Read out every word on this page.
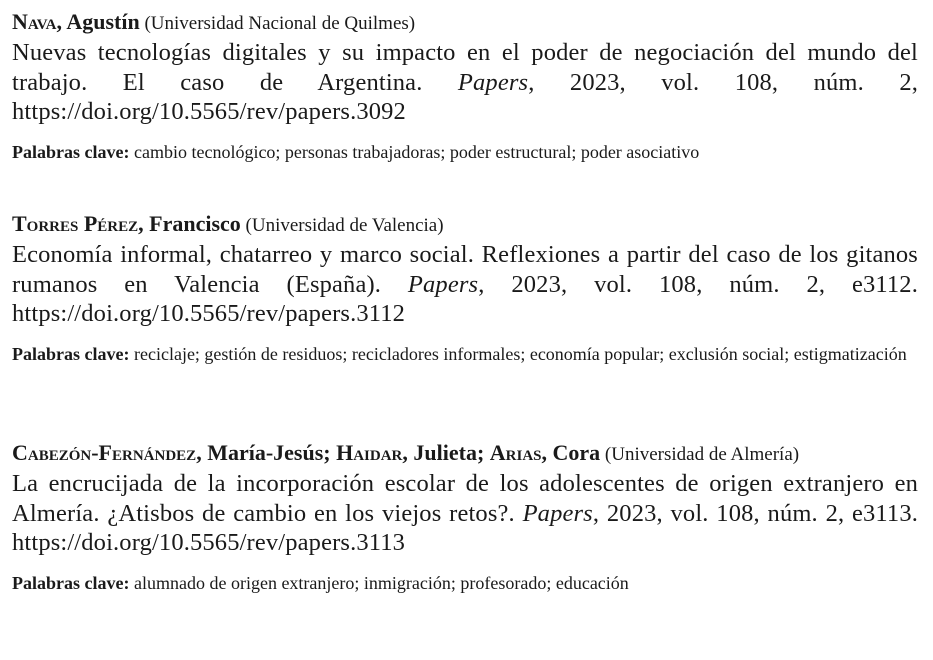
Nava, Agustín (Universidad Nacional de Quilmes)
Nuevas tecnologías digitales y su impacto en el poder de negociación del mundo del trabajo. El caso de Argentina. Papers, 2023, vol. 108, núm. 2, https://doi.org/10.5565/rev/papers.3092
Palabras clave: cambio tecnológico; personas trabajadoras; poder estructural; poder asociativo
Torres Pérez, Francisco (Universidad de Valencia)
Economía informal, chatarreo y marco social. Reflexiones a partir del caso de los gitanos rumanos en Valencia (España). Papers, 2023, vol. 108, núm. 2, e3112. https://doi.org/10.5565/rev/papers.3112
Palabras clave: reciclaje; gestión de residuos; recicladores informales; economía popular; exclusión social; estigmatización
Cabezón-Fernández, María-Jesús; Haidar, Julieta; Arias, Cora (Universidad de Almería)
La encrucijada de la incorporación escolar de los adolescentes de origen extranjero en Almería. ¿Atisbos de cambio en los viejos retos?. Papers, 2023, vol. 108, núm. 2, e3113. https://doi.org/10.5565/rev/papers.3113
Palabras clave: alumnado de origen extranjero; inmigración; profesorado; educación
